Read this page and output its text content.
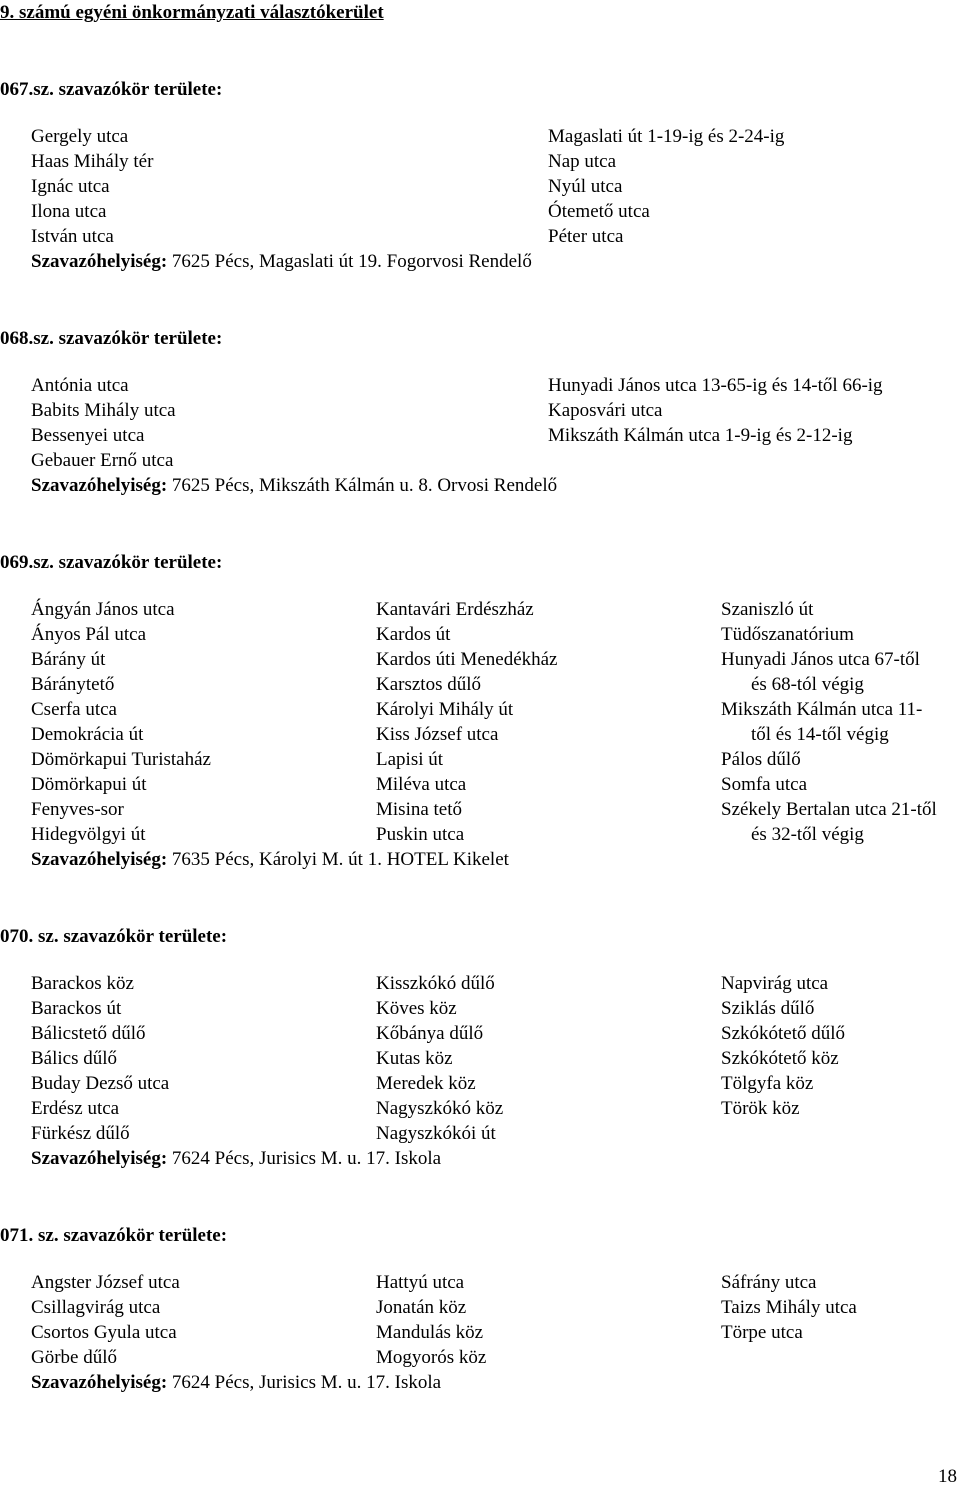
9. számú egyéni önkormányzati választókerület
18
067.sz. szavazókör területe:
Gergely utca
Haas Mihály tér
Ignác utca
Ilona utca
István utca
Magaslati út 1-19-ig és 2-24-ig
Nap utca
Nyúl utca
Ótemető utca
Péter utca
Szavazóhelyiség: 7625 Pécs, Magaslati út 19. Fogorvosi Rendelő
068.sz. szavazókör területe:
Antónia utca
Babits Mihály utca
Bessenyei utca
Gebauer Ernő utca
Hunyadi János utca 13-65-ig és 14-től 66-ig
Kaposvári utca
Mikszáth Kálmán utca 1-9-ig és 2-12-ig
Szavazóhelyiség: 7625 Pécs, Mikszáth Kálmán u. 8. Orvosi Rendelő
069.sz. szavazókör területe:
Ángyán János utca
Ányos Pál utca
Bárány út
Báránytető
Cserfa utca
Demokrácia út
Dömörkapui Turistaház
Dömörkapui út
Fenyves-sor
Hidegvölgyi út
Kantavári Erdészház
Kardos út
Kardos úti Menedékház
Karsztos dűlő
Károlyi Mihály út
Kiss József utca
Lapisi út
Miléva utca
Misina tető
Puskin utca
Szaniszló út
Tüdőszanatórium
Hunyadi János utca 67-től
és 68-tól végig
Mikszáth Kálmán utca 11-
től és 14-től végig
Pálos dűlő
Somfa utca
Székely Bertalan utca 21-től
és 32-től végig
Szavazóhelyiség: 7635 Pécs, Károlyi M. út 1. HOTEL Kikelet
070. sz. szavazókör területe:
Barackos köz
Barackos út
Bálicstető dűlő
Bálics dűlő
Buday Dezső utca
Erdész utca
Fürkész dűlő
Kisszkókó dűlő
Köves köz
Kőbánya dűlő
Kutas köz
Meredek köz
Nagyszkókó köz
Nagyszkókói út
Napvirág utca
Sziklás dűlő
Szkókótető dűlő
Szkókótető köz
Tölgyfa köz
Török köz
Szavazóhelyiség: 7624 Pécs, Jurisics M. u. 17. Iskola
071. sz. szavazókör területe:
Angster József utca
Csillagvirág utca
Csortos Gyula utca
Görbe dűlő
Hattyú utca
Jonatán köz
Mandulás köz
Mogyorós köz
Sáfrány utca
Taizs Mihály utca
Törpe utca
Szavazóhelyiség: 7624 Pécs, Jurisics M. u. 17. Iskola
